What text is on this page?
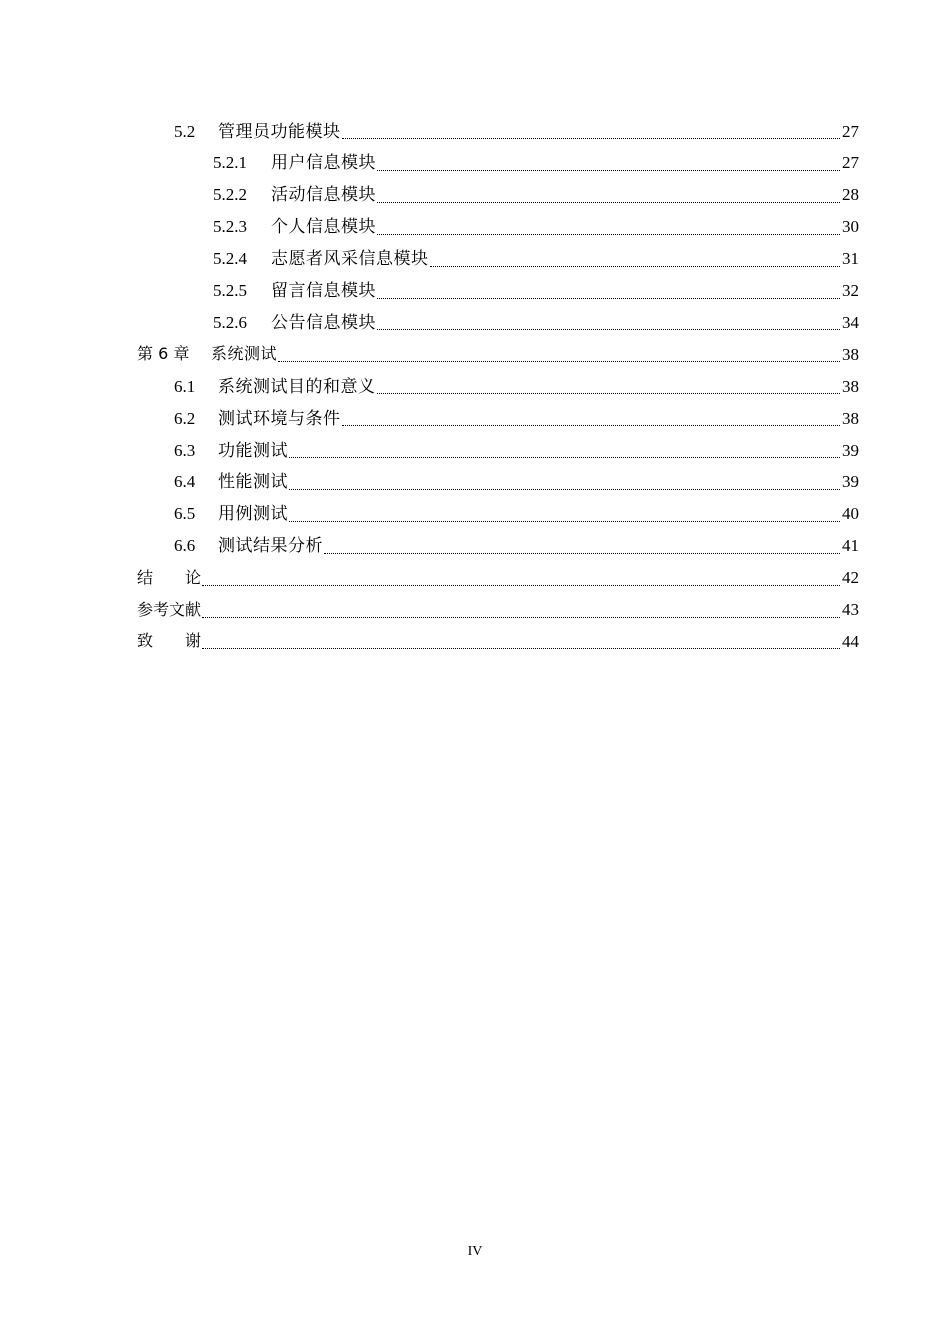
5.2	管理员功能模块	27
5.2.1	用户信息模块	27
5.2.2	活动信息模块	28
5.2.3	个人信息模块	30
5.2.4	志愿者风采信息模块	31
5.2.5	留言信息模块	32
5.2.6	公告信息模块	34
第 6 章	系统测试	38
6.1	系统测试目的和意义	38
6.2	测试环境与条件	38
6.3	功能测试	39
6.4	性能测试	39
6.5	用例测试	40
6.6	测试结果分析	41
结　　论	42
参考文献	43
致　　谢	44
IV
